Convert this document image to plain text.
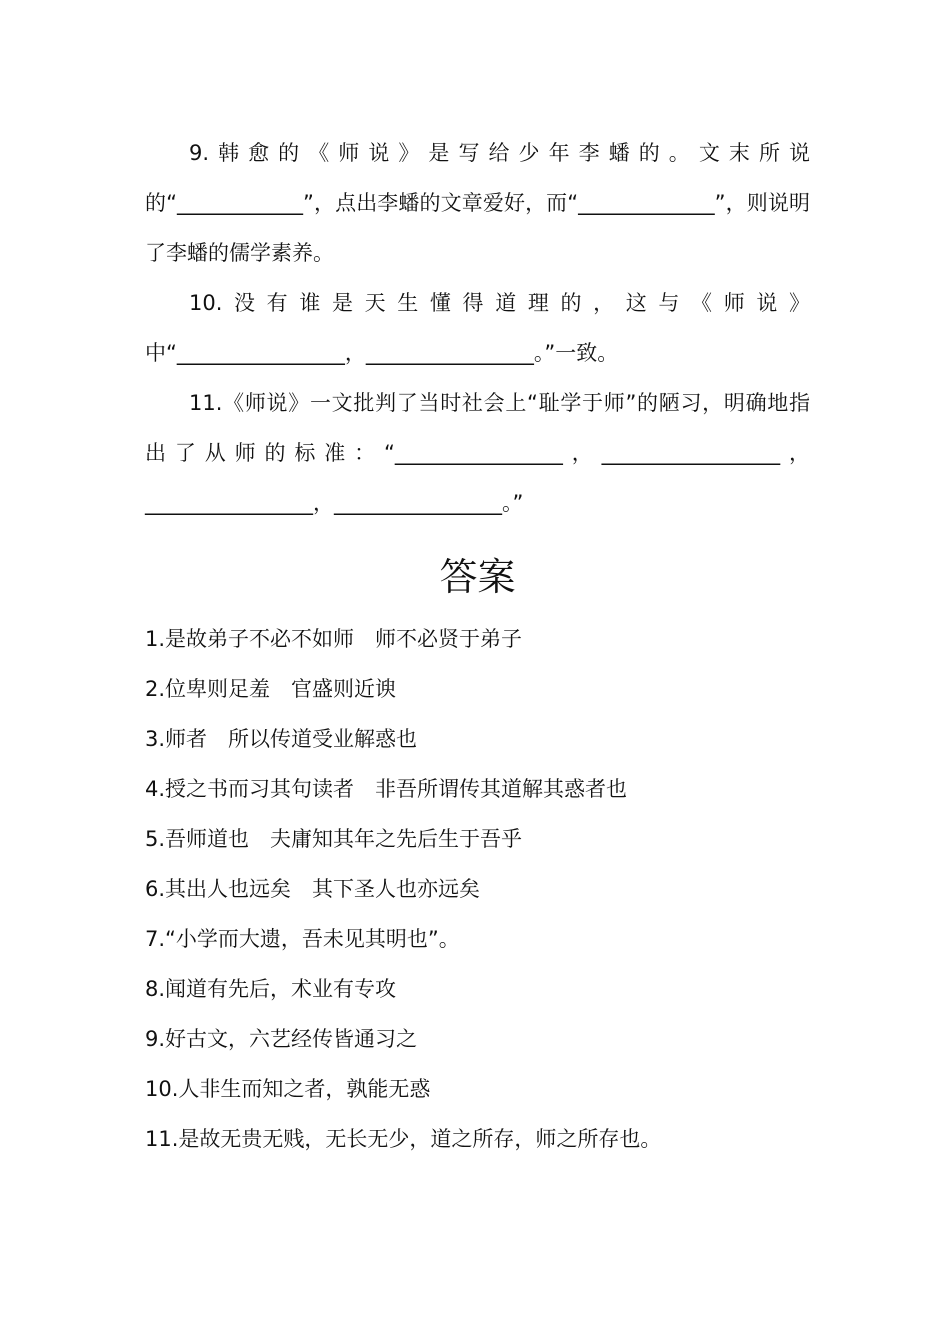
9.韩愈的《师说》是写给少年李蟠的。文末所说的“____________”，点出李蟠的文章爱好，而“_____________”，则说明了李蟠的儒学素养。

10.没有谁是天生懂得道理的，这与《师说》中“________________，________________。”一致。

11.《师说》一文批判了当时社会上“耻学于师”的陋习，明确地指出了从师的标准：“________________，_________________，________________，________________。”

答案

1.是故弟子不必不如师　师不必贤于弟子

2.位卑则足羞　官盛则近谀

3.师者　所以传道受业解惑也

4.授之书而习其句读者　非吾所谓传其道解其惑者也

5.吾师道也　夫庸知其年之先后生于吾乎

6.其出人也远矣　其下圣人也亦远矣

7.“小学而大遗，吾未见其明也”。

8.闻道有先后，术业有专攻

9.好古文，六艺经传皆通习之

10.人非生而知之者，孰能无惑

11.是故无贵无贱，无长无少，道之所存，师之所存也。
